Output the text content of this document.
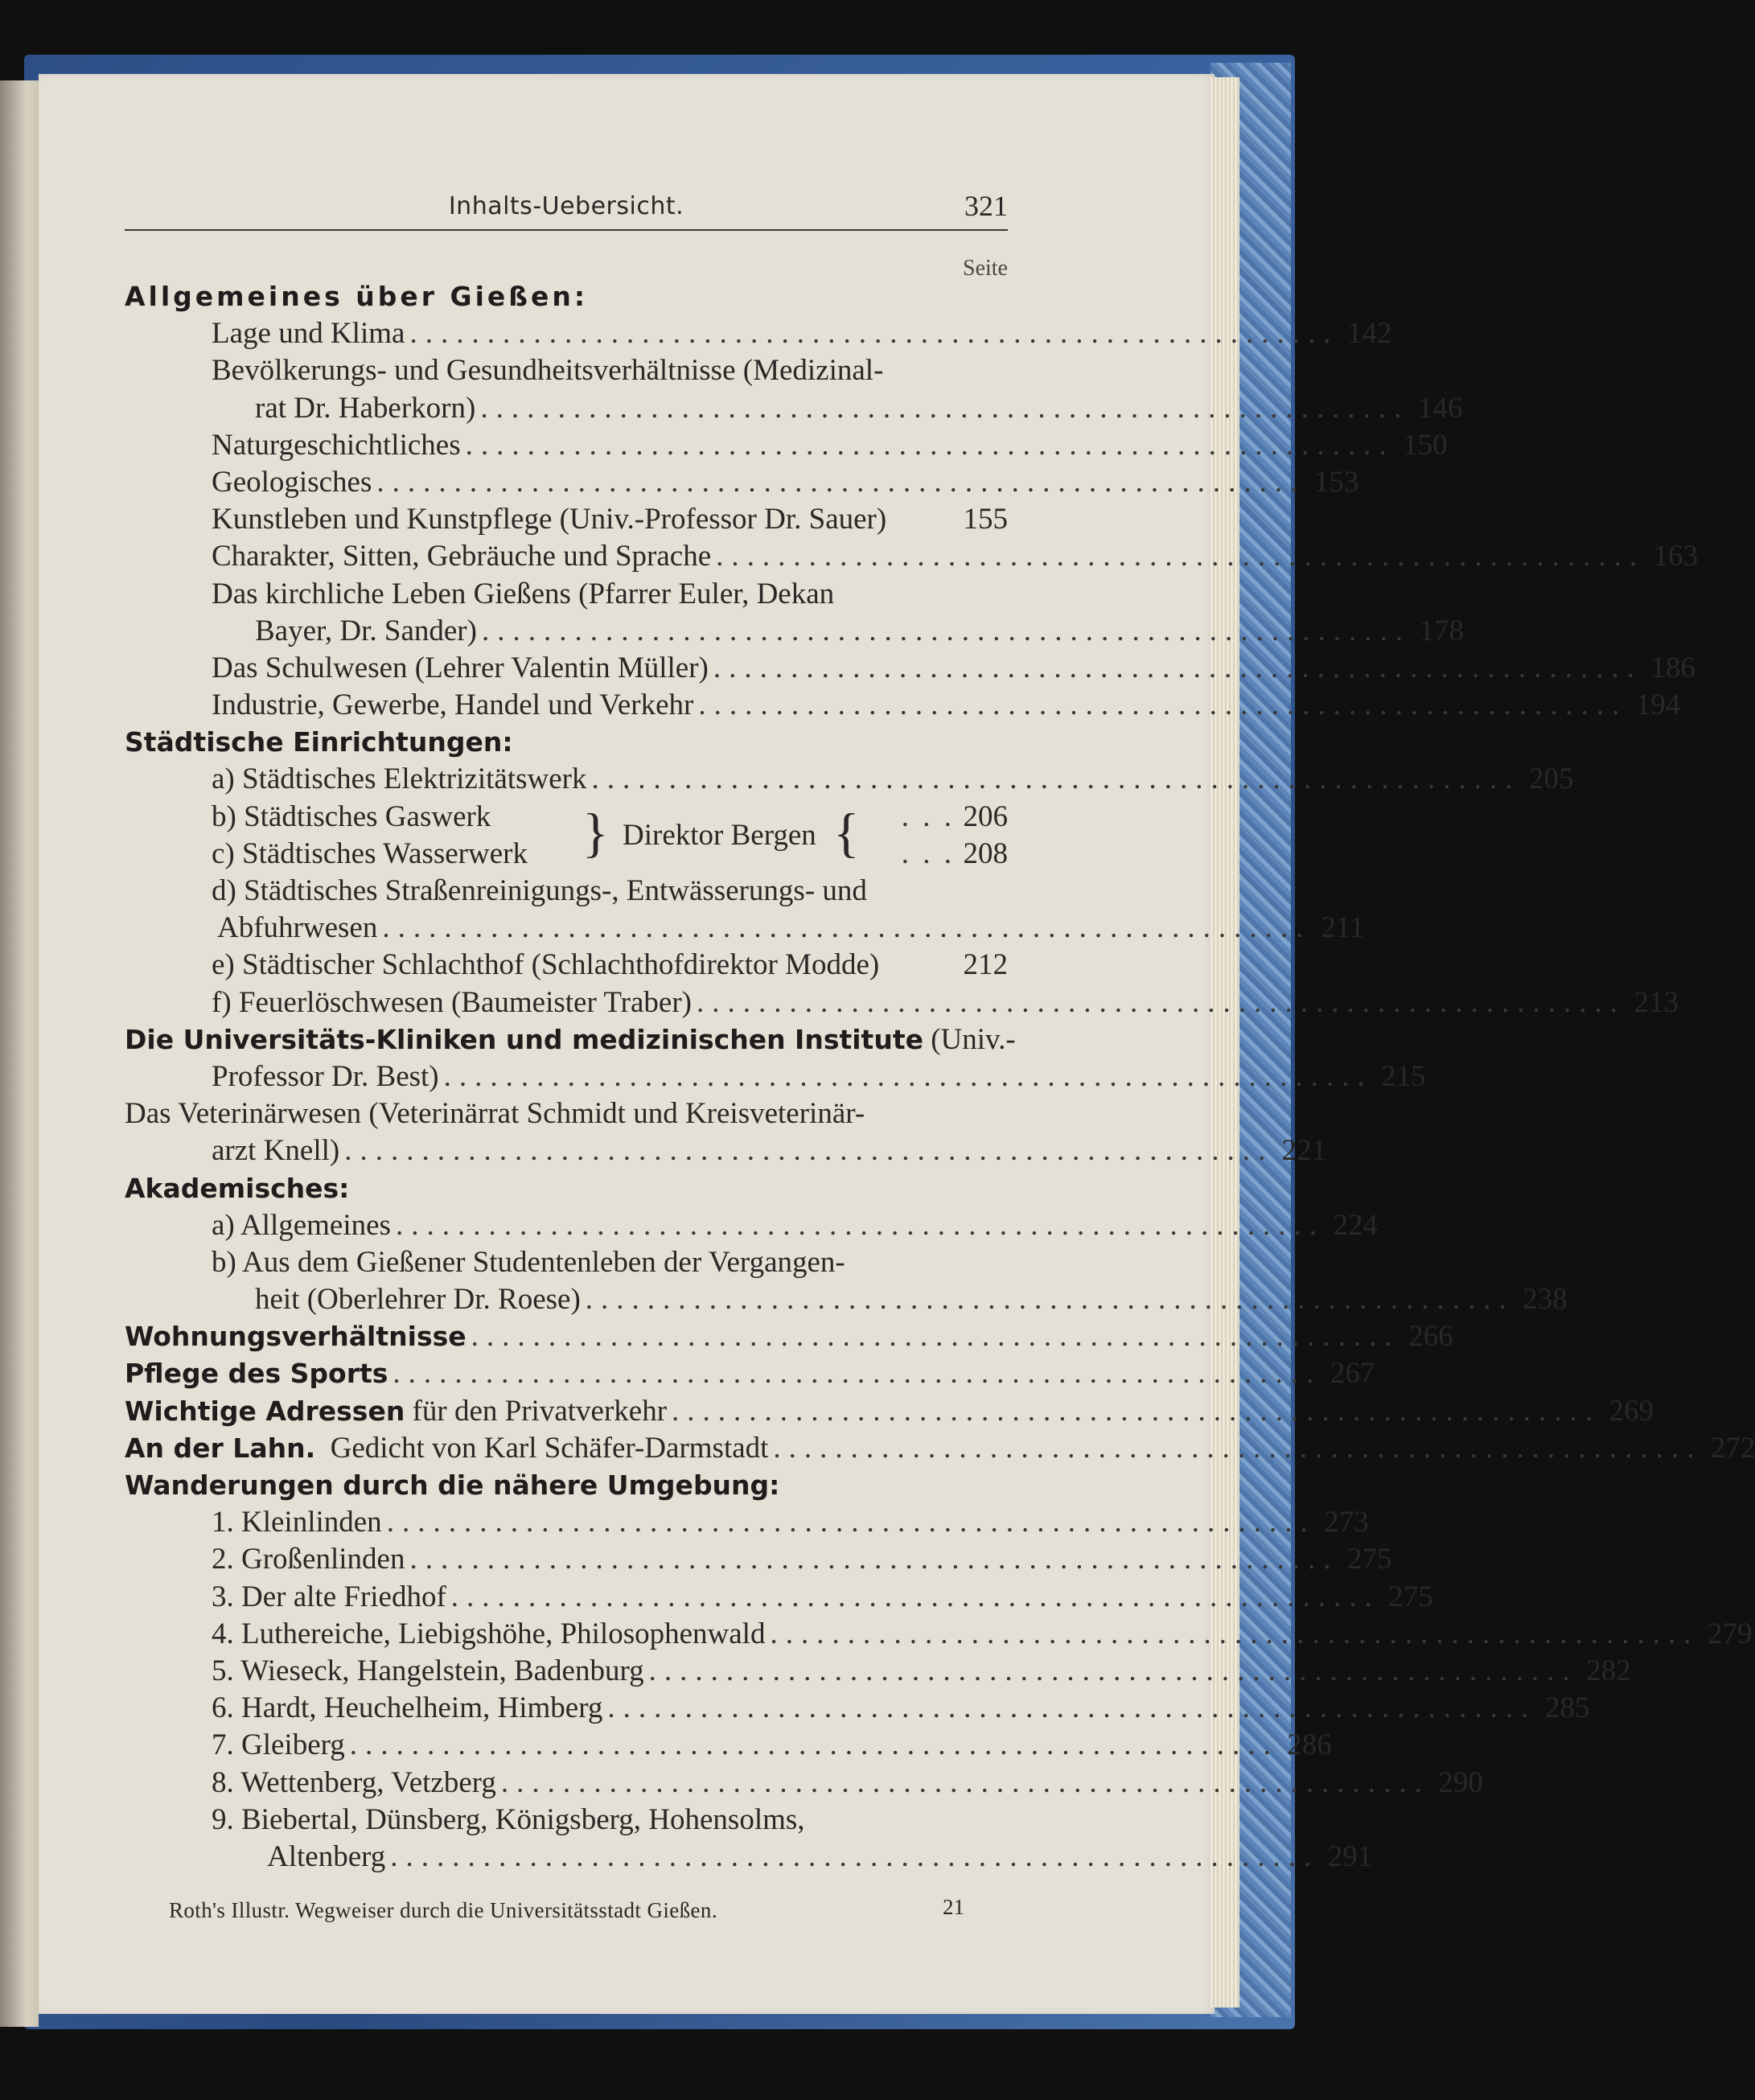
Inhalts-Uebersicht.	321
Seite
Allgemeines über Gießen:
Lage und Klima ............................................................ 142
Bevölkerungs- und Gesundheitsverhältnisse (Medizinal-
rat Dr. Haberkorn) ............................................................ 146
Naturgeschichtliches ............................................................ 150
Geologisches ............................................................ 153
Kunstleben und Kunstpflege (Univ.-Professor Dr. Sauer)	155
Charakter, Sitten, Gebräuche und Sprache ............................................................ 163
Das kirchliche Leben Gießens (Pfarrer Euler, Dekan
Bayer, Dr. Sander) ............................................................ 178
Das Schulwesen (Lehrer Valentin Müller) ............................................................ 186
Industrie, Gewerbe, Handel und Verkehr ............................................................ 194
Städtische Einrichtungen:
a) Städtisches Elektrizitätswerk ............................................................ 205
b) Städtisches Gaswerk	. . . 206
} Direktor Bergen {
c) Städtisches Wasserwerk	. . . 208
d) Städtisches Straßenreinigungs-, Entwässerungs- und
Abfuhrwesen ............................................................ 211
e) Städtischer Schlachthof (Schlachthofdirektor Modde)	212
f) Feuerlöschwesen (Baumeister Traber) ............................................................ 213
Die Universitäts-Kliniken und medizinischen Institute (Univ.-
Professor Dr. Best) ............................................................ 215
Das Veterinärwesen (Veterinärrat Schmidt und Kreisveterinär-
arzt Knell) ............................................................ 221
Akademisches:
a) Allgemeines ............................................................ 224
b) Aus dem Gießener Studentenleben der Vergangen-
heit (Oberlehrer Dr. Roese) ............................................................ 238
Wohnungsverhältnisse ............................................................ 266
Pflege des Sports ............................................................ 267
Wichtige Adressen für den Privatverkehr ............................................................ 269
An der Lahn. Gedicht von Karl Schäfer-Darmstadt ............................................................ 272
Wanderungen durch die nähere Umgebung:
1. Kleinlinden ............................................................ 273
2. Großenlinden ............................................................ 275
3. Der alte Friedhof ............................................................ 275
4. Luthereiche, Liebigshöhe, Philosophenwald ............................................................ 279
5. Wieseck, Hangelstein, Badenburg ............................................................ 282
6. Hardt, Heuchelheim, Himberg ............................................................ 285
7. Gleiberg ............................................................ 286
8. Wettenberg, Vetzberg ............................................................ 290
9. Biebertal, Dünsberg, Königsberg, Hohensolms,
Altenberg ............................................................ 291
Roth's Illustr. Wegweiser durch die Universitätsstadt Gießen.	21
